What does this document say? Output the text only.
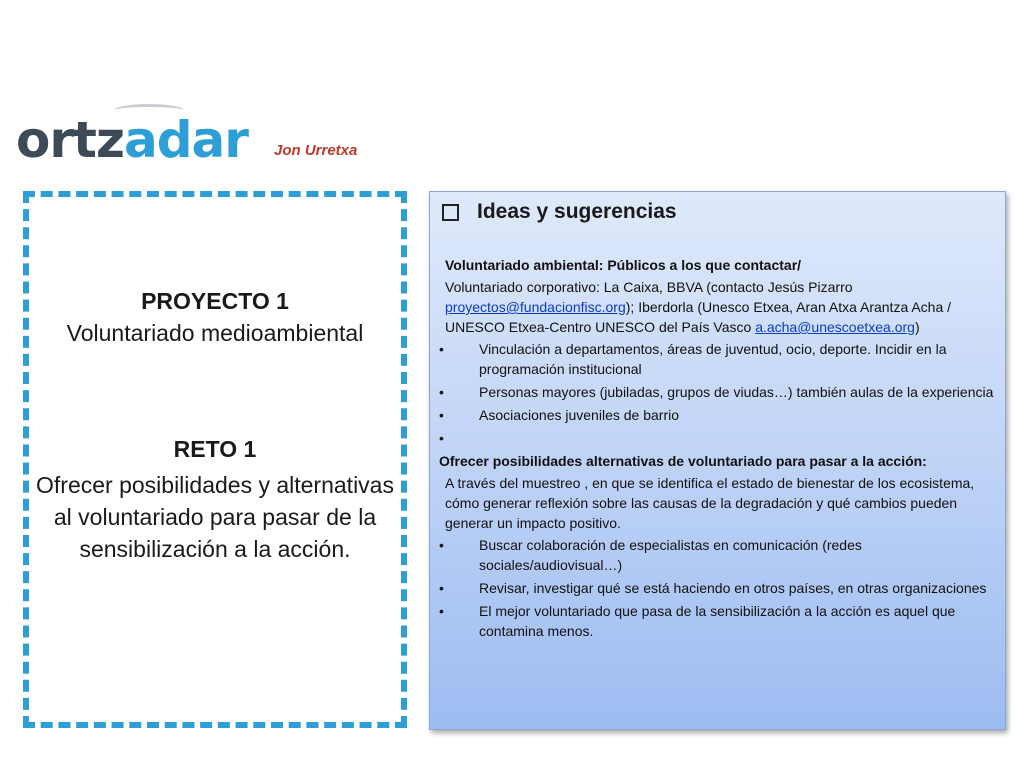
ortzadar Jon Urretxa
PROYECTO 1
Voluntariado medioambiental
RETO 1
Ofrecer posibilidades y alternativas al voluntariado para pasar de la sensibilización a la acción.
Ideas y sugerencias
Voluntariado ambiental: Públicos a los que contactar/
Voluntariado corporativo: La Caixa, BBVA (contacto Jesús Pizarro proyectos@fundacionfisc.org); Iberdorla (Unesco Etxea, Aran Atxa Arantza Acha / UNESCO Etxea-Centro UNESCO del País Vasco a.acha@unescoetxea.org)
•	Vinculación a departamentos, áreas de juventud, ocio, deporte. Incidir en la programación institucional
•	Personas mayores (jubiladas, grupos de viudas…) también aulas de la experiencia
•	Asociaciones juveniles de barrio
•
Ofrecer posibilidades alternativas de voluntariado para pasar a la acción:
A través del muestreo , en que se identifica el estado de bienestar de los ecosistema, cómo generar reflexión sobre las causas de la degradación y qué cambios pueden generar un impacto positivo.
•	Buscar colaboración de especialistas en comunicación (redes sociales/audiovisual…)
•	Revisar, investigar qué se está haciendo en otros países, en otras organizaciones
•	El mejor voluntariado que pasa de la sensibilización a la acción es aquel que contamina menos.
